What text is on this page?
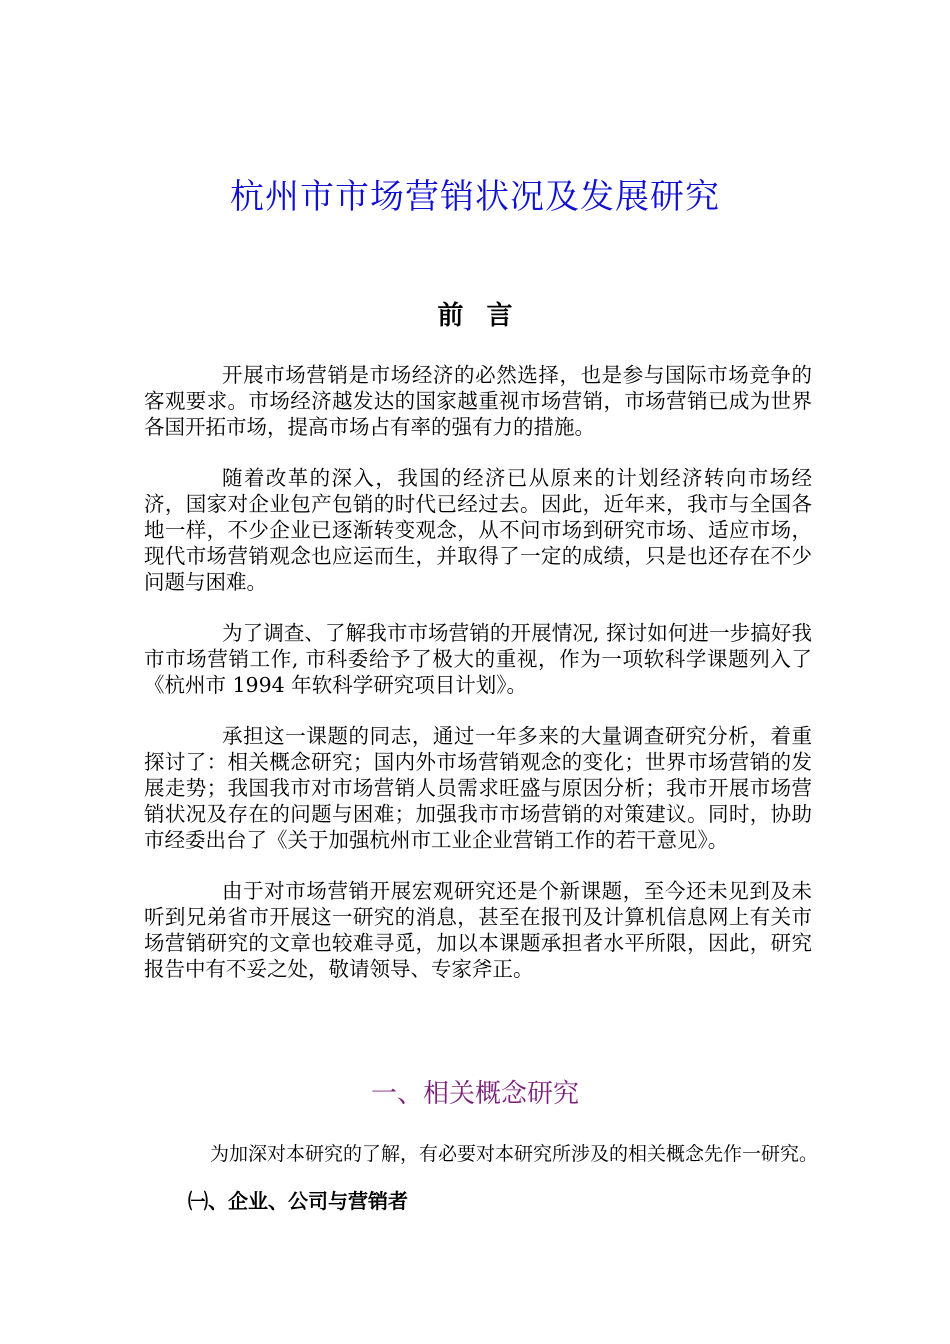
杭州市市场营销状况及发展研究
前 言

开展市场营销是市场经济的必然选择，也是参与国际市场竞争的客观要求。市场经济越发达的国家越重视市场营销，市场营销已成为世界各国开拓市场，提高市场占有率的强有力的措施。

随着改革的深入，我国的经济已从原来的计划经济转向市场经济，国家对企业包产包销的时代已经过去。因此，近年来，我市与全国各地一样，不少企业已逐渐转变观念，从不问市场到研究市场、适应市场，现代市场营销观念也应运而生，并取得了一定的成绩，只是也还存在不少问题与困难。

为了调查、了解我市市场营销的开展情况, 探讨如何进一步搞好我市市场营销工作, 市科委给予了极大的重视，作为一项软科学课题列入了《杭州市 1994 年软科学研究项目计划》。

承担这一课题的同志，通过一年多来的大量调查研究分析，着重探讨了：相关概念研究；国内外市场营销观念的变化；世界市场营销的发展走势；我国我市对市场营销人员需求旺盛与原因分析；我市开展市场营销状况及存在的问题与困难；加强我市市场营销的对策建议。同时，协助市经委出台了《关于加强杭州市工业企业营销工作的若干意见》。

由于对市场营销开展宏观研究还是个新课题，至今还未见到及未听到兄弟省市开展这一研究的消息，甚至在报刊及计算机信息网上有关市场营销研究的文章也较难寻觅，加以本课题承担者水平所限，因此，研究报告中有不妥之处，敬请领导、专家斧正。

一、相关概念研究

为加深对本研究的了解，有必要对本研究所涉及的相关概念先作一研究。

㈠、企业、公司与营销者
